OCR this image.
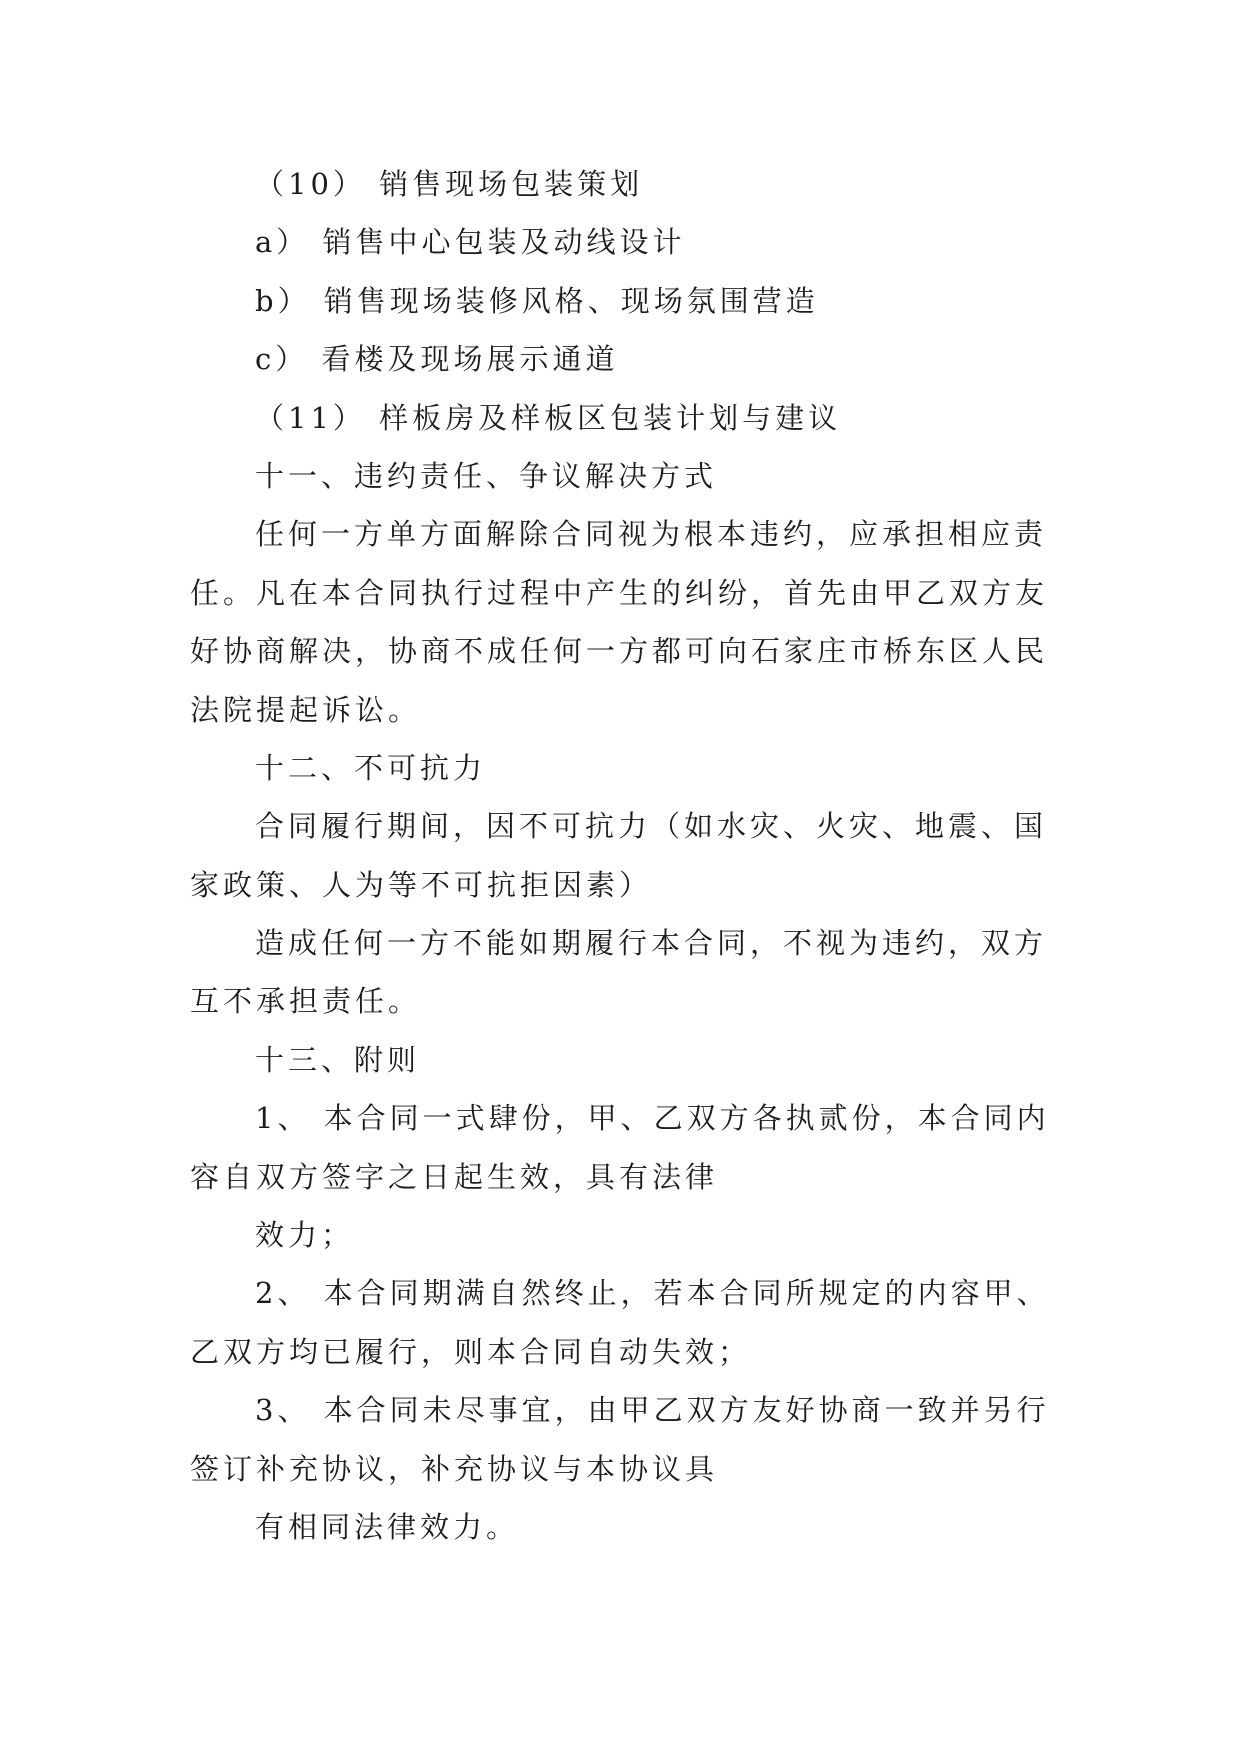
（10） 销售现场包装策划
a） 销售中心包装及动线设计
b） 销售现场装修风格、现场氛围营造
c） 看楼及现场展示通道
（11） 样板房及样板区包装计划与建议
十一、违约责任、争议解决方式
任何一方单方面解除合同视为根本违约，应承担相应责
任。凡在本合同执行过程中产生的纠纷，首先由甲乙双方友
好协商解决，协商不成任何一方都可向石家庄市桥东区人民
法院提起诉讼。
十二、不可抗力
合同履行期间，因不可抗力（如水灾、火灾、地震、国
家政策、人为等不可抗拒因素）
造成任何一方不能如期履行本合同，不视为违约，双方
互不承担责任。
十三、附则
1、 本合同一式肆份，甲、乙双方各执贰份，本合同内
容自双方签字之日起生效，具有法律
效力；
2、 本合同期满自然终止，若本合同所规定的内容甲、
乙双方均已履行，则本合同自动失效；
3、 本合同未尽事宜，由甲乙双方友好协商一致并另行
签订补充协议，补充协议与本协议具
有相同法律效力。
